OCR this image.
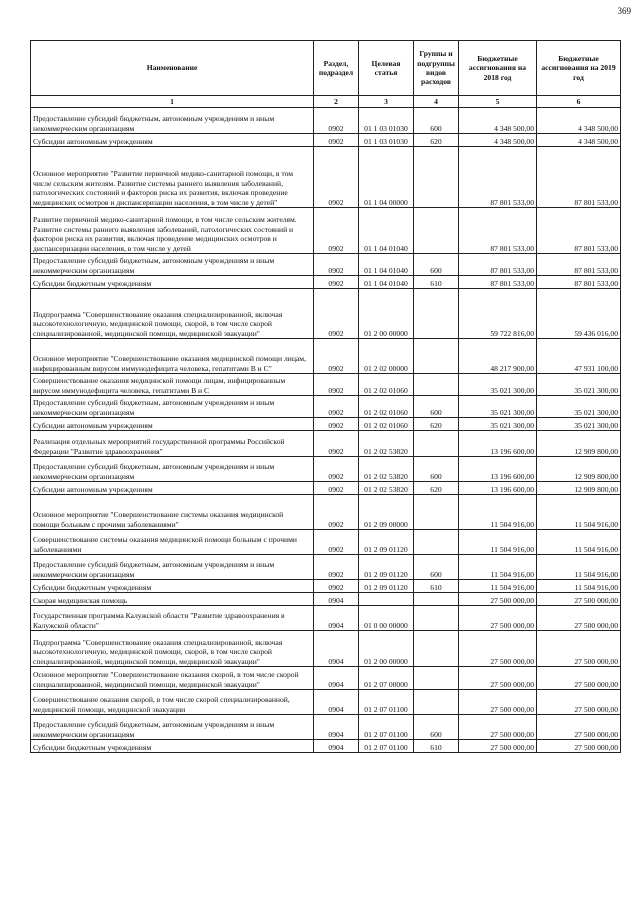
369
Наименование	Раздел, подраздел	Целевая статья	Группы и подгруппы видов расходов	Бюджетные ассигнования на 2018 год	Бюджетные ассигнования на 2019 год
1	2	3	4	5	6
Предоставление субсидий бюджетным, автономным учреждениям и иным некоммерческим организациям	0902	01 1 03 01030	600	4 348 500,00	4 348 500,00
Субсидии автономным учреждениям	0902	01 1 03 01030	620	4 348 500,00	4 348 500,00
Основное мероприятие "Развитие первичной медико-санитарной помощи, в том числе сельским жителям. Развитие системы раннего выявления заболеваний, патологических состояний и факторов риска их развития, включая проведение медицинских осмотров и диспансеризации населения, в том числе у детей"	0902	01 1 04 00000		87 801 533,00	87 801 533,00
Развитие первичной медико-санитарной помощи, в том числе сельским жителям. Развитие системы раннего выявления заболеваний, патологических состояний и факторов риска их развития, включая проведение медицинских осмотров и диспансеризации населения, в том числе у детей	0902	01 1 04 01040		87 801 533,00	87 801 533,00
Предоставление субсидий бюджетным, автономным учреждениям и иным некоммерческим организациям	0902	01 1 04 01040	600	87 801 533,00	87 801 533,00
Субсидии бюджетным учреждениям	0902	01 1 04 01040	610	87 801 533,00	87 801 533,00
Подпрограмма "Совершенствование оказания специализированной, включая высокотехнологичную, медицинской помощи, скорой, в том числе скорой специализированной, медицинской помощи, медицинской эвакуации"	0902	01 2 00 00000		59 722 816,00	59 436 016,00
Основное мероприятие "Совершенствование оказания медицинской помощи лицам, инфицированным вирусом иммунодефицита человека, гепатитами В и С"	0902	01 2 02 00000		48 217 900,00	47 931 100,00
Совершенствование оказания медицинской помощи лицам, инфицированным вирусом иммунодефицита человека, гепатитами В и С	0902	01 2 02 01060		35 021 300,00	35 021 300,00
Предоставление субсидий бюджетным, автономным учреждениям и иным некоммерческим организациям	0902	01 2 02 01060	600	35 021 300,00	35 021 300,00
Субсидии автономным учреждениям	0902	01 2 02 01060	620	35 021 300,00	35 021 300,00
Реализация отдельных мероприятий государственной программы Российской Федерации "Развитие здравоохранения"	0902	01 2 02 53820		13 196 600,00	12 909 800,00
Предоставление субсидий бюджетным, автономным учреждениям и иным некоммерческим организациям	0902	01 2 02 53820	600	13 196 600,00	12 909 800,00
Субсидии автономным учреждениям	0902	01 2 02 53820	620	13 196 600,00	12 909 800,00
Основное мероприятие "Совершенствование системы оказания медицинской помощи больным с прочими заболеваниями"	0902	01 2 09 00000		11 504 916,00	11 504 916,00
Совершенствование системы оказания медицинской помощи больным с прочими заболеваниями	0902	01 2 09 01120		11 504 916,00	11 504 916,00
Предоставление субсидий бюджетным, автономным учреждениям и иным некоммерческим организациям	0902	01 2 09 01120	600	11 504 916,00	11 504 916,00
Субсидии бюджетным учреждениям	0902	01 2 09 01120	610	11 504 916,00	11 504 916,00
Скорая медицинская помощь	0904			27 500 000,00	27 500 000,00
Государственная программа Калужской области "Развитие здравоохранения в Калужской области"	0904	01 0 00 00000		27 500 000,00	27 500 000,00
Подпрограмма "Совершенствование оказания специализированной, включая высокотехнологичную, медицинской помощи, скорой, в том числе скорой специализированной, медицинской помощи, медицинской эвакуации"	0904	01 2 00 00000		27 500 000,00	27 500 000,00
Основное мероприятие "Совершенствование оказания скорой, в том числе скорой специализированной, медицинской помощи, медицинской эвакуации"	0904	01 2 07 00000		27 500 000,00	27 500 000,00
Совершенствование оказания скорой, в том числе скорой специализированной, медицинской помощи, медицинской эвакуации	0904	01 2 07 01100		27 500 000,00	27 500 000,00
Предоставление субсидий бюджетным, автономным учреждениям и иным некоммерческим организациям	0904	01 2 07 01100	600	27 500 000,00	27 500 000,00
Субсидии бюджетным учреждениям	0904	01 2 07 01100	610	27 500 000,00	27 500 000,00
